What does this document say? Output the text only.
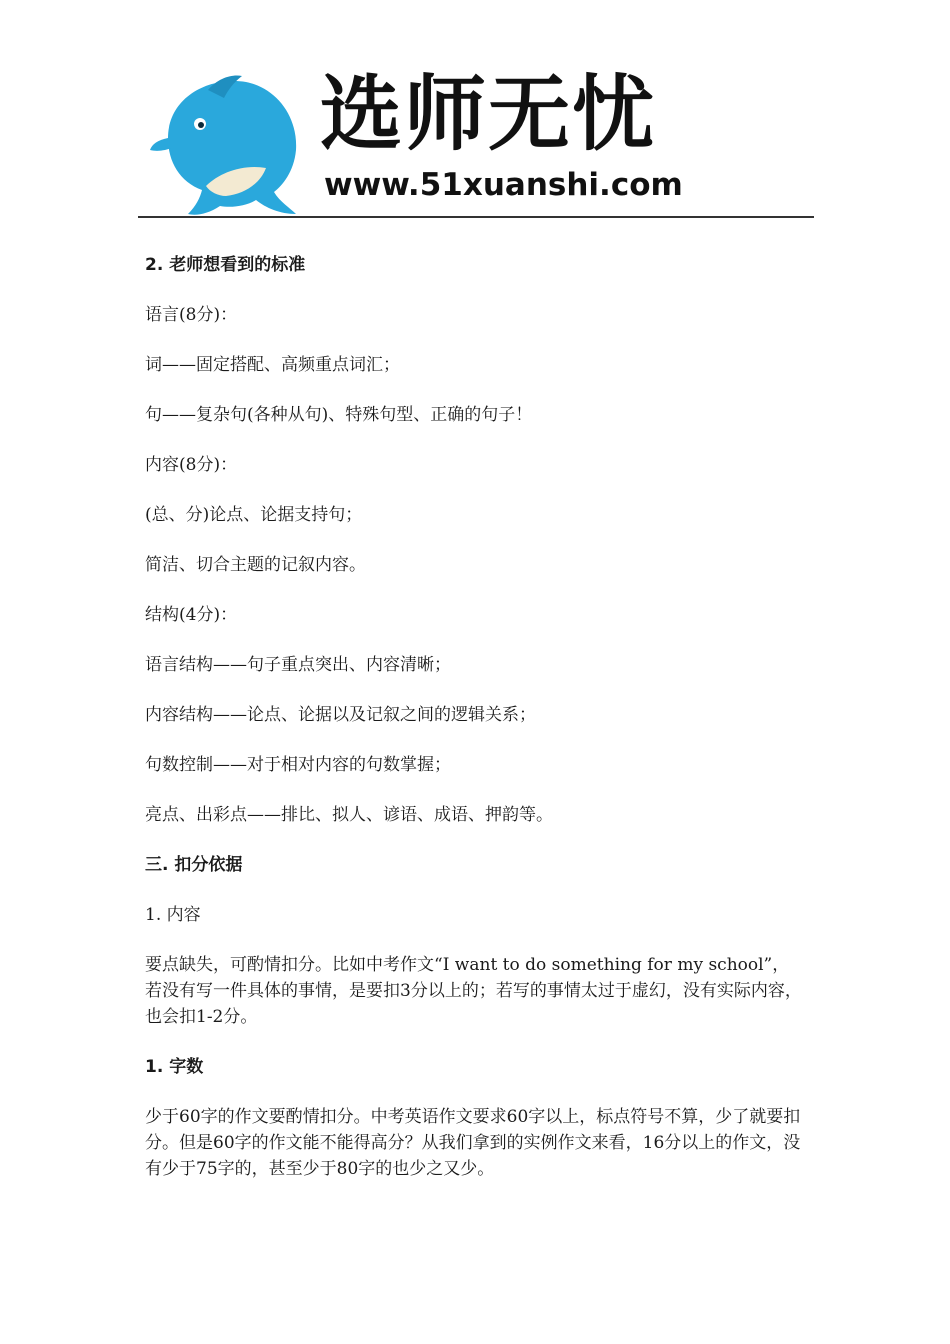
选师无忧
www.51xuanshi.com

2. 老师想看到的标准

语言(8分)：

词——固定搭配、高频重点词汇；

句——复杂句(各种从句)、特殊句型、正确的句子！

内容(8分)：

(总、分)论点、论据支持句；

简洁、切合主题的记叙内容。

结构(4分)：

语言结构——句子重点突出、内容清晰；

内容结构——论点、论据以及记叙之间的逻辑关系；

句数控制——对于相对内容的句数掌握；

亮点、出彩点——排比、拟人、谚语、成语、押韵等。

三. 扣分依据

1. 内容

要点缺失，可酌情扣分。比如中考作文“I want to do something for my school”，若没有写一件具体的事情，是要扣3分以上的；若写的事情太过于虚幻，没有实际内容，也会扣1-2分。

1. 字数

少于60字的作文要酌情扣分。中考英语作文要求60字以上，标点符号不算，少了就要扣分。但是60字的作文能不能得高分？从我们拿到的实例作文来看，16分以上的作文，没有少于75字的，甚至少于80字的也少之又少。
